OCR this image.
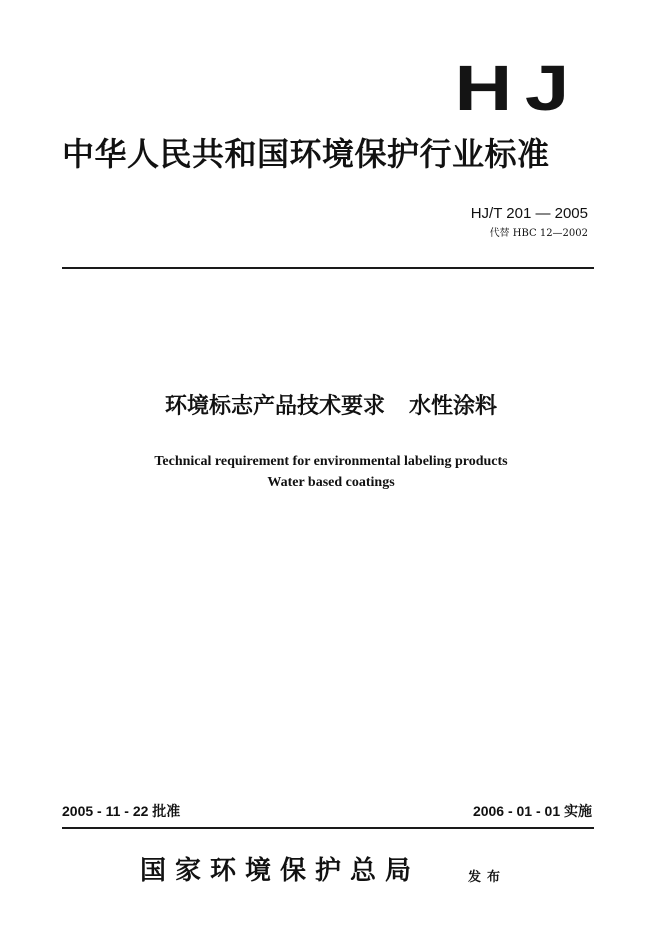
HJ
中华人民共和国环境保护行业标准
HJ/T 201 — 2005
代替 HBC 12—2002
环境标志产品技术要求 水性涂料
Technical requirement for environmental labeling products
Water based coatings
2005 - 11 - 22 批准	2006 - 01 - 01 实施
国家环境保护总局	发布
